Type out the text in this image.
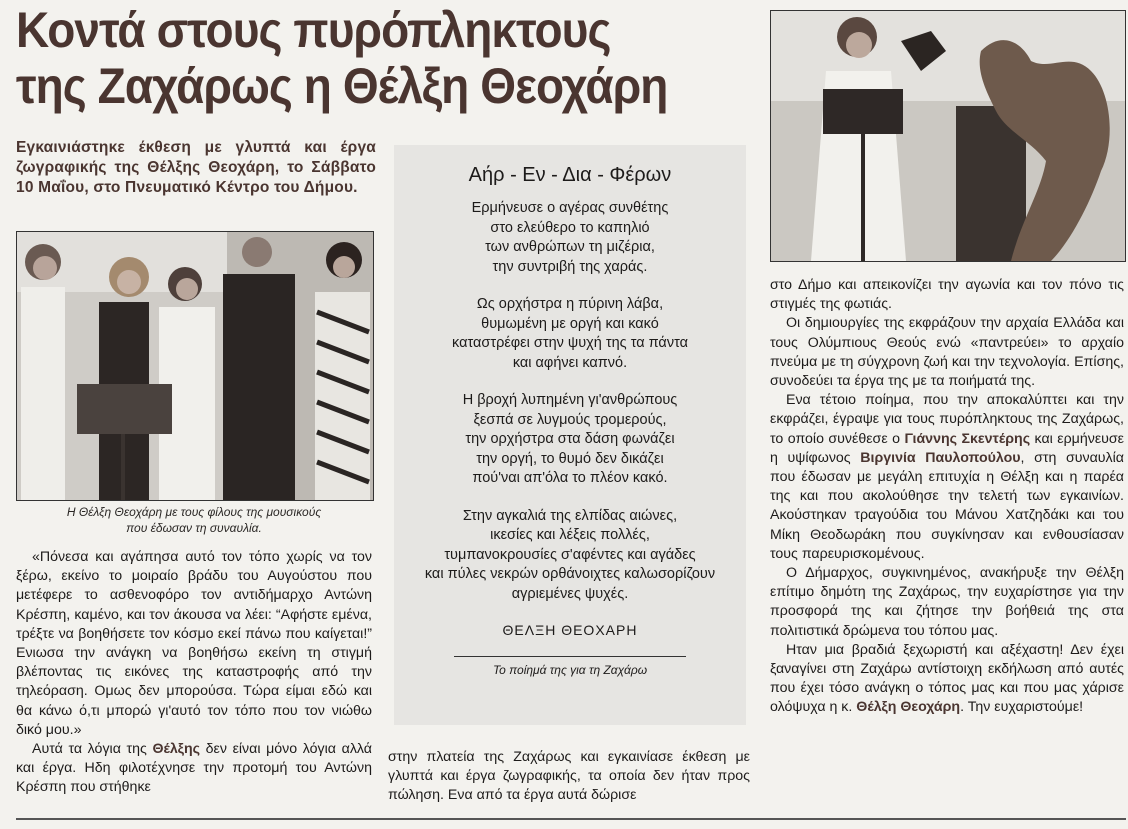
Κοντά στους πυρόπληκτους
της Ζαχάρως η Θέλξη Θεοχάρη
Εγκαινιάστηκε έκθεση με γλυπτά και έργα ζωγραφικής της Θέλξης Θεοχάρη, το Σάββατο 10 Μαΐου, στο Πνευματικό Κέντρο του Δήμου.
Η Θέλξη Θεοχάρη με τους φίλους της μουσικούς
που έδωσαν τη συναυλία.

«Πόνεσα και αγάπησα αυτό τον τόπο χωρίς να τον ξέρω, εκείνο το μοιραίο βράδυ του Αυγούστου που μετέφερε το ασθενοφόρο τον αντιδήμαρχο Αντώνη Κρέσπη, καμένο, και τον άκουσα να λέει: “Αφήστε εμένα, τρέξτε να βοηθήσετε τον κόσμο εκεί πάνω που καίγεται!” Ενιωσα την ανάγκη να βοηθήσω εκείνη τη στιγμή βλέποντας τις εικόνες της καταστροφής από την τηλεόραση. Ομως δεν μπορούσα. Τώρα είμαι εδώ και θα κάνω ό,τι μπορώ γι'αυτό τον τόπο που τον νιώθω δικό μου.»

Αυτά τα λόγια της Θέλξης δεν είναι μόνο λόγια αλλά και έργα. Ηδη φιλοτέχνησε την προτομή του Αντώνη Κρέσπη που στήθηκε

Αήρ - Εν - Δια - Φέρων
Ερμήνευσε ο αγέρας συνθέτης
στο ελεύθερο το καπηλιό
των ανθρώπων τη μιζέρια,
την συντριβή της χαράς.
Ως ορχήστρα η πύρινη λάβα,
θυμωμένη με οργή και κακό
καταστρέφει στην ψυχή της τα πάντα
και αφήνει καπνό.
Η βροχή λυπημένη γι'ανθρώπους
ξεσπά σε λυγμούς τρομερούς,
την ορχήστρα στα δάση φωνάζει
την οργή, το θυμό δεν δικάζει
πού'ναι απ'όλα το πλέον κακό.
Στην αγκαλιά της ελπίδας αιώνες,
ικεσίες και λέξεις πολλές,
τυμπανοκρουσίες σ'αφέντες και αγάδες
και πύλες νεκρών ορθάνοιχτες καλωσορίζουν
αγριεμένες ψυχές.
ΘΕΛΞΗ ΘΕΟΧΑΡΗ
Το ποίημά της για τη Ζαχάρω

στην πλατεία της Ζαχάρως και εγκαινίασε έκθεση με γλυπτά και έργα ζωγραφικής, τα οποία δεν ήταν προς πώληση. Ενα από τα έργα αυτά δώρισε

στο Δήμο και απεικονίζει την αγωνία και τον πόνο τις στιγμές της φωτιάς.

Οι δημιουργίες της εκφράζουν την αρχαία Ελλάδα και τους Ολύμπιους Θεούς ενώ «παντρεύει» το αρχαίο πνεύμα με τη σύγχρονη ζωή και την τεχνολογία. Επίσης, συνοδεύει τα έργα της με τα ποιήματά της.

Ενα τέτοιο ποίημα, που την αποκαλύπτει και την εκφράζει, έγραψε για τους πυρόπληκτους της Ζαχάρως, το οποίο συνέθεσε ο Γιάννης Σκεντέρης και ερμήνευσε η υψίφωνος Βιργινία Παυλοπούλου, στη συναυλία που έδωσαν με μεγάλη επιτυχία η Θέλξη και η παρέα της και που ακολούθησε την τελετή των εγκαινίων. Ακούστηκαν τραγούδια του Μάνου Χατζηδάκι και του Μίκη Θεοδωράκη που συγκίνησαν και ενθουσίασαν τους παρευρισκομένους.

Ο Δήμαρχος, συγκινημένος, ανακήρυξε την Θέλξη επίτιμο δημότη της Ζαχάρως, την ευχαρίστησε για την προσφορά της και ζήτησε την βοήθειά της στα πολιτιστικά δρώμενα του τόπου μας.

Ηταν μια βραδιά ξεχωριστή και αξέχαστη! Δεν έχει ξαναγίνει στη Ζαχάρω αντίστοιχη εκδήλωση από αυτές που έχει τόσο ανάγκη ο τόπος μας και που μας χάρισε ολόψυχα η κ. Θέλξη Θεοχάρη. Την ευχαριστούμε!
